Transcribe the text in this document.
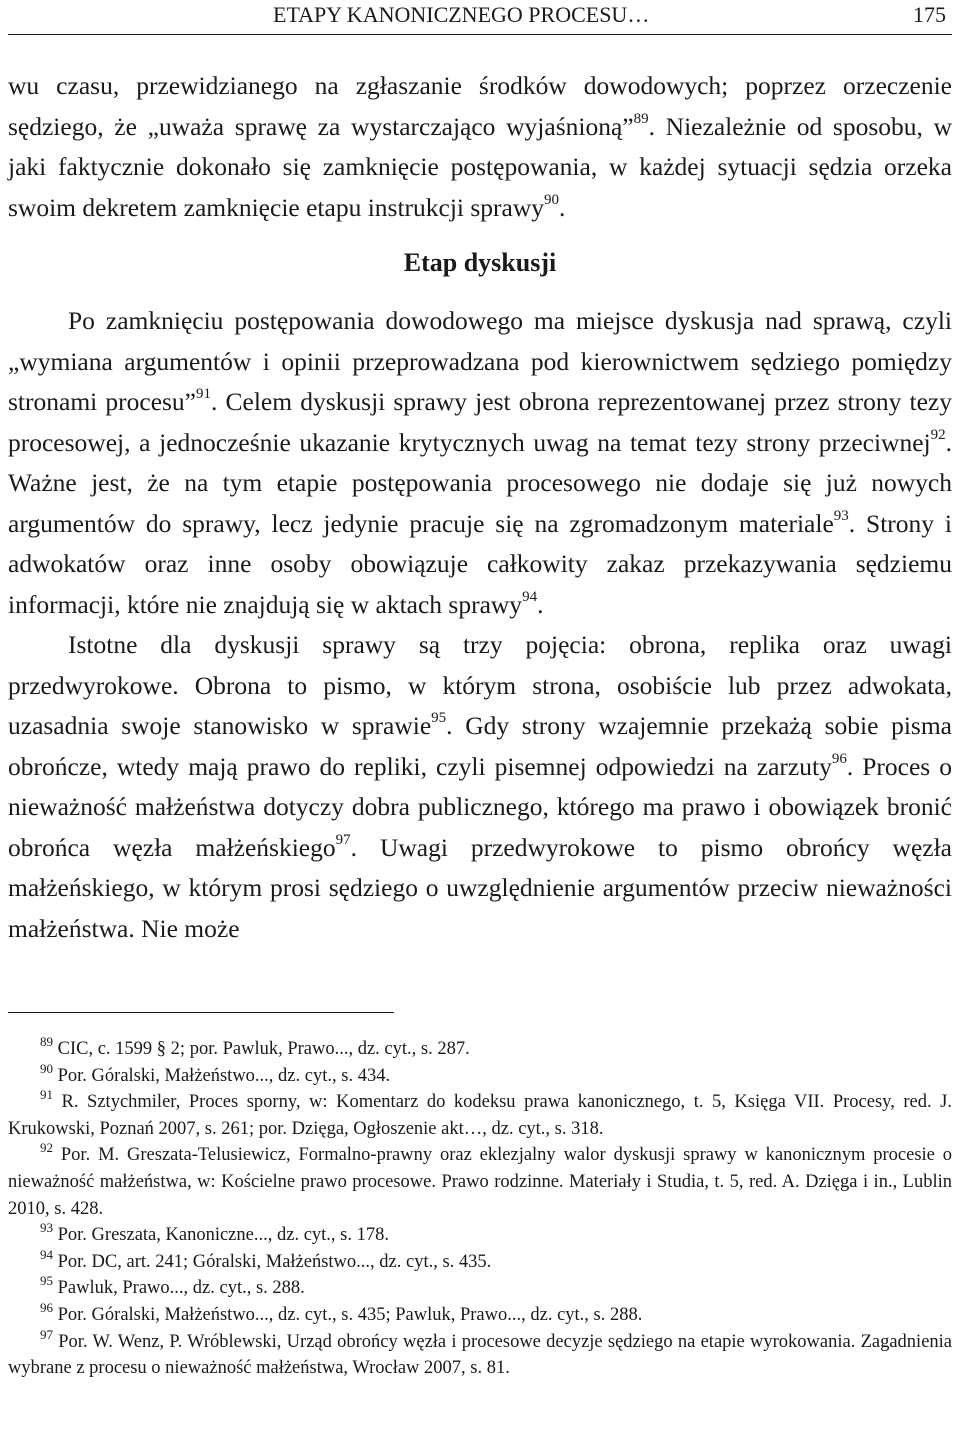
ETAPY KANONICZNEGO PROCESU…	175

wu czasu, przewidzianego na zgłaszanie środków dowodowych; poprzez orzeczenie sędziego, że „uważa sprawę za wystarczająco wyjaśnioną”$^{89}$. Niezależnie od sposobu, w jaki faktycznie dokonało się zamknięcie postępowania, w każdej sytuacji sędzia orzeka swoim dekretem zamknięcie etapu instrukcji sprawy$^{90}$.

Etap dyskusji

Po zamknięciu postępowania dowodowego ma miejsce dyskusja nad sprawą, czyli „wymiana argumentów i opinii przeprowadzana pod kierownictwem sędziego pomiędzy stronami procesu”$^{91}$. Celem dyskusji sprawy jest obrona reprezentowanej przez strony tezy procesowej, a jednocześnie ukazanie krytycznych uwag na temat tezy strony przeciwnej$^{92}$. Ważne jest, że na tym etapie postępowania procesowego nie dodaje się już nowych argumentów do sprawy, lecz jedynie pracuje się na zgromadzonym materiale$^{93}$. Strony i adwokatów oraz inne osoby obowiązuje całkowity zakaz przekazywania sędziemu informacji, które nie znajdują się w aktach sprawy$^{94}$.

Istotne dla dyskusji sprawy są trzy pojęcia: obrona, replika oraz uwagi przedwyrokowe. Obrona to pismo, w którym strona, osobiście lub przez adwokata, uzasadnia swoje stanowisko w sprawie$^{95}$. Gdy strony wzajemnie przekażą sobie pisma obrończe, wtedy mają prawo do repliki, czyli pisemnej odpowiedzi na zarzuty$^{96}$. Proces o nieważność małżeństwa dotyczy dobra publicznego, którego ma prawo i obowiązek bronić obrońca węzła małżeńskiego$^{97}$. Uwagi przedwyrokowe to pismo obrońcy węzła małżeńskiego, w którym prosi sędziego o uwzględnienie argumentów przeciw nieważności małżeństwa. Nie może

$^{89}$ CIC, c. 1599 § 2; por. Pawluk, Prawo..., dz. cyt., s. 287.

$^{90}$ Por. Góralski, Małżeństwo..., dz. cyt., s. 434.

$^{91}$ R. Sztychmiler, Proces sporny, w: Komentarz do kodeksu prawa kanonicznego, t. 5, Księga VII. Procesy, red. J. Krukowski, Poznań 2007, s. 261; por. Dzięga, Ogłoszenie akt…, dz. cyt., s. 318.

$^{92}$ Por. M. Greszata-Telusiewicz, Formalno-prawny oraz eklezjalny walor dyskusji sprawy w kanonicznym procesie o nieważność małżeństwa, w: Kościelne prawo procesowe. Prawo rodzinne. Materiały i Studia, t. 5, red. A. Dzięga i in., Lublin 2010, s. 428.

$^{93}$ Por. Greszata, Kanoniczne..., dz. cyt., s. 178.

$^{94}$ Por. DC, art. 241; Góralski, Małżeństwo..., dz. cyt., s. 435.

$^{95}$ Pawluk, Prawo..., dz. cyt., s. 288.

$^{96}$ Por. Góralski, Małżeństwo..., dz. cyt., s. 435; Pawluk, Prawo..., dz. cyt., s. 288.

$^{97}$ Por. W. Wenz, P. Wróblewski, Urząd obrońcy węzła i procesowe decyzje sędziego na etapie wyrokowania. Zagadnienia wybrane z procesu o nieważność małżeństwa, Wrocław 2007, s. 81.
